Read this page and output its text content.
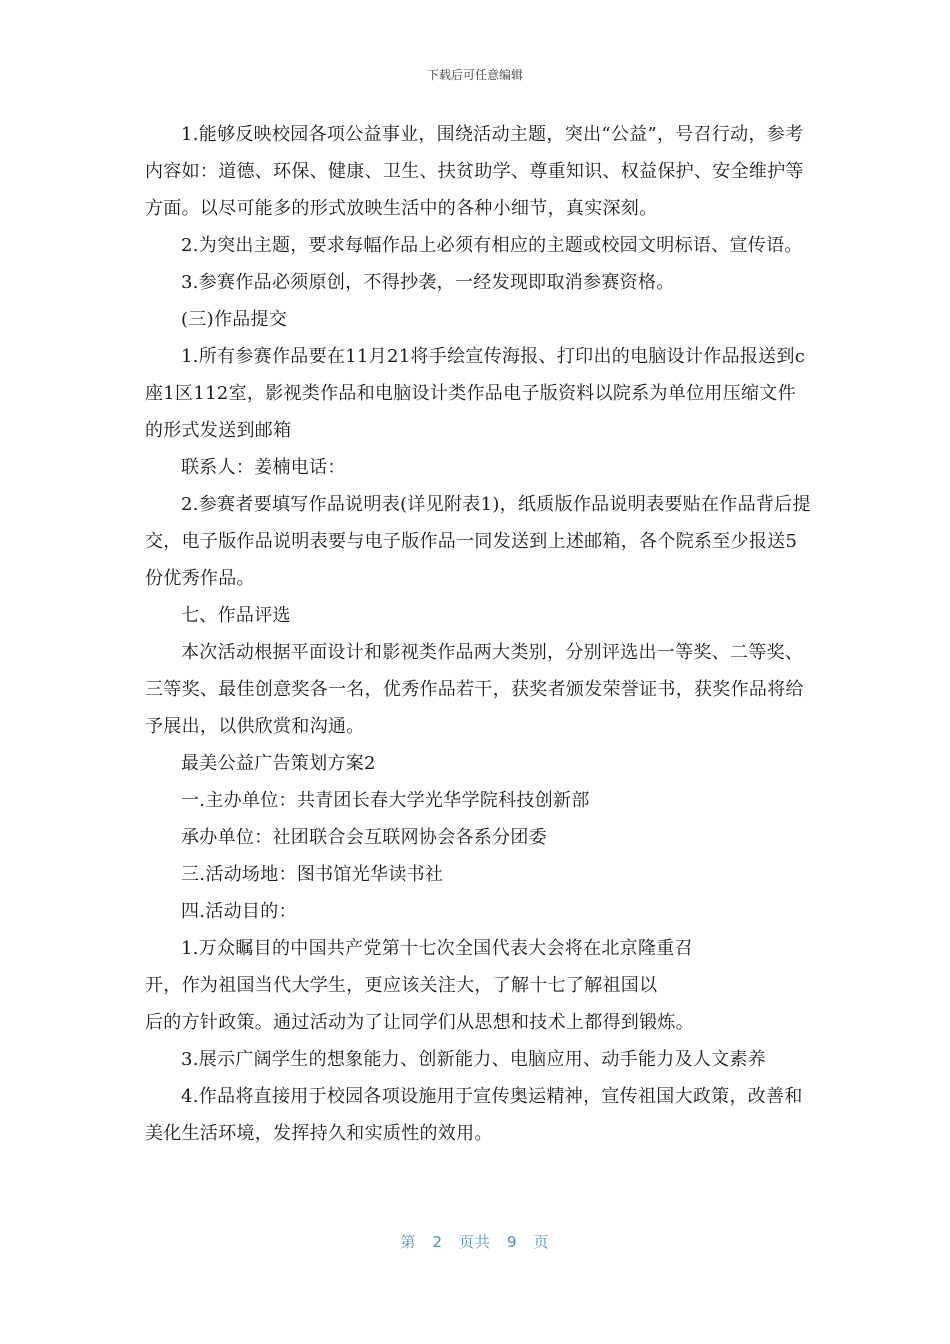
下载后可任意编辑

1.能够反映校园各项公益事业，围绕活动主题，突出“公益”，号召行动，参考内容如：道德、环保、健康、卫生、扶贫助学、尊重知识、权益保护、安全维护等方面。以尽可能多的形式放映生活中的各种小细节，真实深刻。

2.为突出主题，要求每幅作品上必须有相应的主题或校园文明标语、宣传语。

3.参赛作品必须原创，不得抄袭，一经发现即取消参赛资格。

(三)作品提交

1.所有参赛作品要在11月21将手绘宣传海报、打印出的电脑设计作品报送到c座1区112室，影视类作品和电脑设计类作品电子版资料以院系为单位用压缩文件的形式发送到邮箱

联系人：姜楠电话：

2.参赛者要填写作品说明表(详见附表1)，纸质版作品说明表要贴在作品背后提交，电子版作品说明表要与电子版作品一同发送到上述邮箱，各个院系至少报送5份优秀作品。

七、作品评选

本次活动根据平面设计和影视类作品两大类别，分别评选出一等奖、二等奖、三等奖、最佳创意奖各一名，优秀作品若干，获奖者颁发荣誉证书，获奖作品将给予展出，以供欣赏和沟通。

最美公益广告策划方案2

一.主办单位：共青团长春大学光华学院科技创新部

承办单位：社团联合会互联网协会各系分团委

三.活动场地：图书馆光华读书社

四.活动目的：

1.万众瞩目的中国共产党第十七次全国代表大会将在北京隆重召

开，作为祖国当代大学生，更应该关注大，了解十七了解祖国以

后的方针政策。通过活动为了让同学们从思想和技术上都得到锻炼。

3.展示广阔学生的想象能力、创新能力、电脑应用、动手能力及人文素养

4.作品将直接用于校园各项设施用于宣传奥运精神，宣传祖国大政策，改善和美化生活环境，发挥持久和实质性的效用。

第 2 页共 9 页
